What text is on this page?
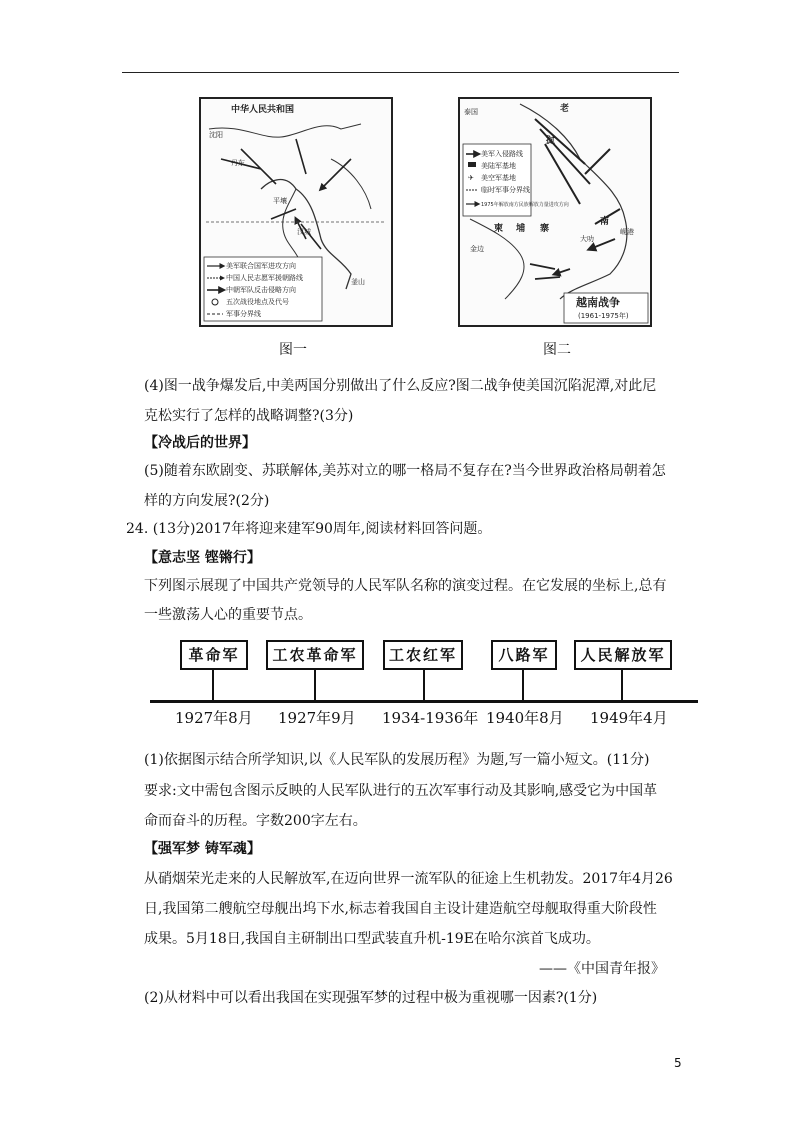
中华人民共和国
沈阳
丹东
平壤
汉城
釜山
美军联合国军进攻方向
中国人民志愿军援朝路线
中朝军队反击侵略方向
五次战役地点及代号
军事分界线
图一
老
挝
泰国
柬 埔 寨
金边
南
大叻
岘港
美军入侵路线
美陆军基地
✈ 美空军基地
临时军事分界线
1975年解放南方民族解放力量进攻方向
越南战争
(1961-1975年)
图二
(4)图一战争爆发后,中美两国分别做出了什么反应?图二战争使美国沉陷泥潭,对此尼
克松实行了怎样的战略调整?(3分)
【冷战后的世界】
(5)随着东欧剧变、苏联解体,美苏对立的哪一格局不复存在?当今世界政治格局朝着怎
样的方向发展?(2分)
24. (13分)2017年将迎来建军90周年,阅读材料回答问题。
【意志坚 铿锵行】
下列图示展现了中国共产党领导的人民军队名称的演变过程。在它发展的坐标上,总有
一些激荡人心的重要节点。
革命军
1927年8月
工农革命军
1927年9月
工农红军
1934-1936年
八路军
1940年8月
人民解放军
1949年4月
(1)依据图示结合所学知识,以《人民军队的发展历程》为题,写一篇小短文。(11分)
要求:文中需包含图示反映的人民军队进行的五次军事行动及其影响,感受它为中国革
命而奋斗的历程。字数200字左右。
【强军梦 铸军魂】
从硝烟荣光走来的人民解放军,在迈向世界一流军队的征途上生机勃发。2017年4月26
日,我国第二艘航空母舰出坞下水,标志着我国自主设计建造航空母舰取得重大阶段性
成果。5月18日,我国自主研制出口型武装直升机-19E在哈尔滨首飞成功。
——《中国青年报》
(2)从材料中可以看出我国在实现强军梦的过程中极为重视哪一因素?(1分)
5
